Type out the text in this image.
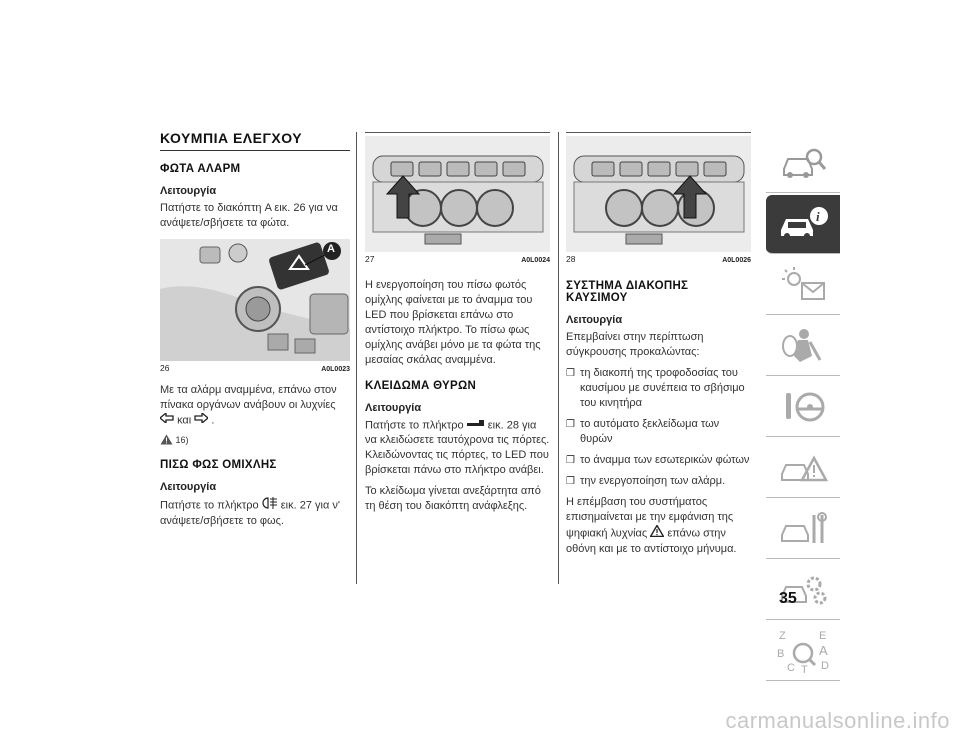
ΚΟΥΜΠΙΑ ΕΛΕΓΧΟΥ
ΦΩΤΑ ΑΛΑΡΜ
Λειτουργία

Πατήστε το διακόπτη A εικ. 26 για να ανάψετε/σβήσετε τα φώτα.

A
26	A0L0023

Με τα αλάρμ αναμμένα, επάνω στον πίνακα οργάνων ανάβουν οι λυχνίες  και .

16)
ΠΙΣΩ ΦΩΣ ΟΜΙΧΛΗΣ
Λειτουργία

Πατήστε το πλήκτρο εικ. 27 για ν' ανάψετε/σβήσετε το φως.

27	A0L0024

Η ενεργοποίηση του πίσω φωτός ομίχλης φαίνεται με το άναμμα του LED που βρίσκεται επάνω στο αντίστοιχο πλήκτρο. Το πίσω φως ομίχλης ανάβει μόνο με τα φώτα της μεσαίας σκάλας αναμμένα.

ΚΛΕΙΔΩΜΑ ΘΥΡΩΝ
Λειτουργία

Πατήστε το πλήκτρο εικ. 28 για να κλειδώσετε ταυτόχρονα τις πόρτες. Κλειδώνοντας τις πόρτες, το LED που βρίσκεται πάνω στο πλήκτρο ανάβει.

Το κλείδωμα γίνεται ανεξάρτητα από τη θέση του διακόπτη ανάφλεξης.

28	A0L0026
ΣΥΣΤΗΜΑ ΔΙΑΚΟΠΗΣ ΚΑΥΣΙΜΟΥ
Λειτουργία

Επεμβαίνει στην περίπτωση σύγκρουσης προκαλώντας:

❒ τη διακοπή της τροφοδοσίας του καυσίμου με συνέπεια το σβήσιμο του κινητήρα
❒ το αυτόματο ξεκλείδωμα των θυρών
❒ το άναμμα των εσωτερικών φώτων
❒ την ενεργοποίηση των αλάρμ.

Η επέμβαση του συστήματος επισημαίνεται με την εμφάνιση της ψηφιακή λυχνίας επάνω στην οθόνη και με το αντίστοιχο μήνυμα.

i
Z	E
B	A
C T D
35
carmanualsonline.info
